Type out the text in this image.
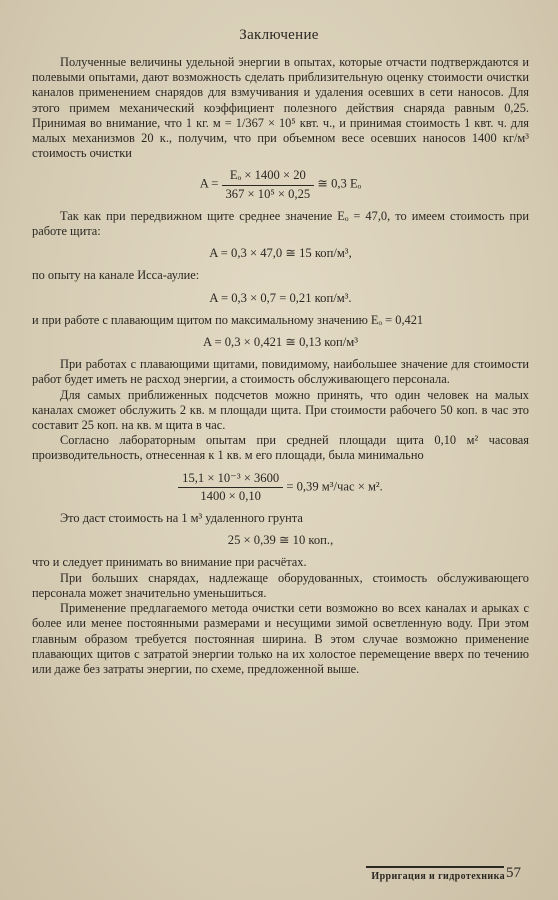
Заключение

Полученные величины удельной энергии в опытах, которые отчасти подтверждаются и полевыми опытами, дают возможность сделать приблизительную оценку стоимости очистки каналов применением снарядов для взмучивания и удаления осевших в сети наносов. Для этого примем механический коэффициент полезного действия снаряда равным 0,25. Принимая во внимание, что 1 кг. м = 1/367 × 10⁵ квт. ч., и принимая стоимость 1 квт. ч. для малых механизмов 20 к., получим, что при объемном весе осевших наносов 1400 кг/м³ стоимость очистки

$A = \frac{\text{Eₒ × 1400 × 20}}{\text{367 × 10⁵ × 0,25}}$ ≅ 0,3 Eₒ

Так как при передвижном щите среднее значение Eₒ = 47,0, то имеем стоимость при работе щита:

A = 0,3 × 47,0 ≅ 15 коп/м³,

по опыту на канале Исса-аулие:

A = 0,3 × 0,7 = 0,21 коп/м³.

и при работе с плавающим щитом по максимальному значению Eₒ = 0,421

A = 0,3 × 0,421 ≅ 0,13 коп/м³

При работах с плавающими щитами, повидимому, наибольшее значение для стоимости работ будет иметь не расход энергии, а стоимость обслуживающего персонала.

Для самых приближенных подсчетов можно принять, что один человек на малых каналах сможет обслужить 2 кв. м площади щита. При стоимости рабочего 50 коп. в час это составит 25 коп. на кв. м щита в час.

Согласно лабораторным опытам при средней площади щита 0,10 м² часовая производительность, отнесенная к 1 кв. м его площади, была минимально

$\frac{\text{15,1 × 10⁻³ × 3600}}{1400 \times 0,10} = 0,39$ м³/час × м².

Это даст стоимость на 1 м³ удаленного грунта

25 × 0,39 ≅ 10 коп.,

что и следует принимать во внимание при расчётах.

При больших снарядах, надлежаще оборудованных, стоимость обслуживающего персонала может значительно уменьшиться.

Применение предлагаемого метода очистки сети возможно во всех каналах и арыках с более или менее постоянными размерами и несущими зимой осветленную воду. При этом главным образом требуется постоянная ширина. В этом случае возможно применение плавающих щитов с затратой энергии только на их холостое перемещение вверх по течению или даже без затраты энергии, по схеме, предложенной выше.

Ирригация и гидротехника 57
